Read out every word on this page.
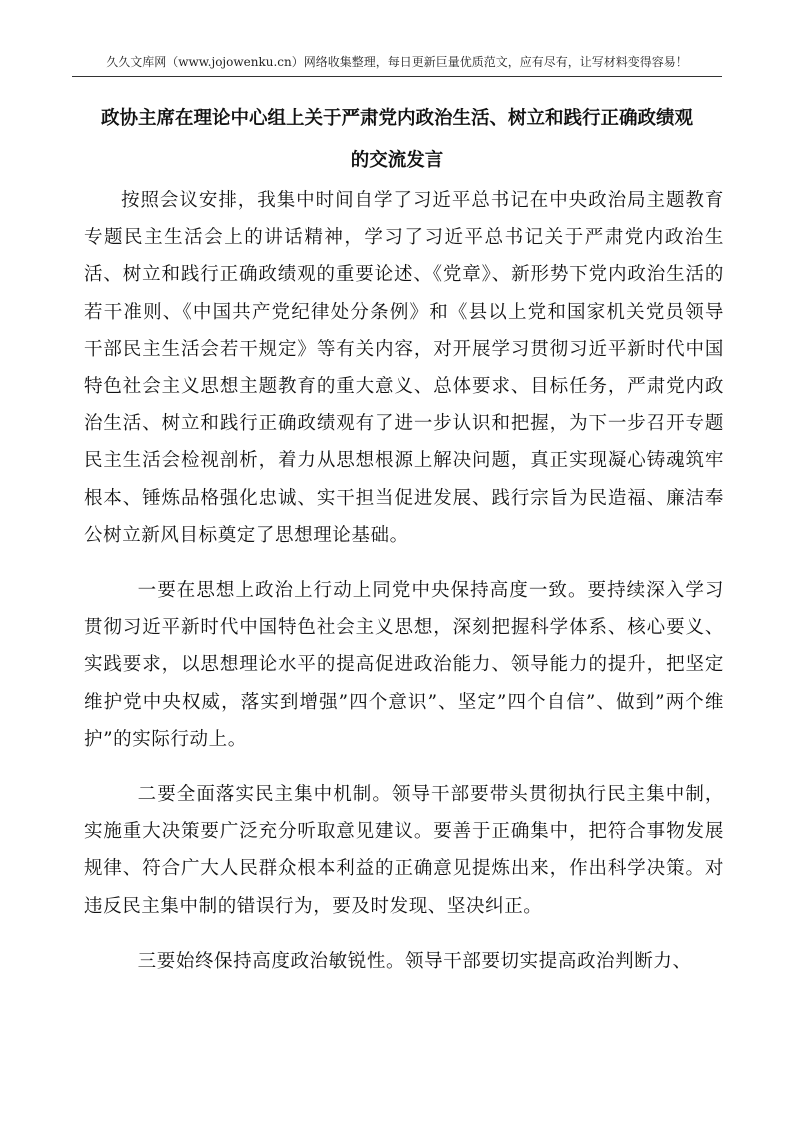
久久文库网（www.jojowenku.cn）网络收集整理，每日更新巨量优质范文，应有尽有，让写材料变得容易！
政协主席在理论中心组上关于严肃党内政治生活、树立和践行正确政绩观
的交流发言

按照会议安排，我集中时间自学了习近平总书记在中央政治局主题教育专题民主生活会上的讲话精神，学习了习近平总书记关于严肃党内政治生活、树立和践行正确政绩观的重要论述、《党章》、新形势下党内政治生活的若干准则、《中国共产党纪律处分条例》和《县以上党和国家机关党员领导干部民主生活会若干规定》等有关内容，对开展学习贯彻习近平新时代中国特色社会主义思想主题教育的重大意义、总体要求、目标任务，严肃党内政治生活、树立和践行正确政绩观有了进一步认识和把握，为下一步召开专题民主生活会检视剖析，着力从思想根源上解决问题，真正实现凝心铸魂筑牢根本、锤炼品格强化忠诚、实干担当促进发展、践行宗旨为民造福、廉洁奉公树立新风目标奠定了思想理论基础。

一要在思想上政治上行动上同党中央保持高度一致。要持续深入学习贯彻习近平新时代中国特色社会主义思想，深刻把握科学体系、核心要义、实践要求，以思想理论水平的提高促进政治能力、领导能力的提升，把坚定维护党中央权威，落实到增强”四个意识”、坚定”四个自信”、做到”两个维护”的实际行动上。

二要全面落实民主集中机制。领导干部要带头贯彻执行民主集中制，实施重大决策要广泛充分听取意见建议。要善于正确集中，把符合事物发展规律、符合广大人民群众根本利益的正确意见提炼出来，作出科学决策。对违反民主集中制的错误行为，要及时发现、坚决纠正。

三要始终保持高度政治敏锐性。领导干部要切实提高政治判断力、
